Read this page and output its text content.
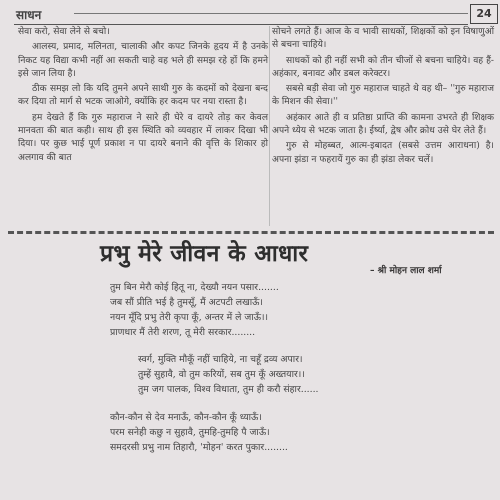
साधन	24

सेवा करो, सेवा लेने से बचो।

आलस्य, प्रमाद, मलिनता, चालाकी और कपट जिनके हृदय में है उनके निकट यह विद्या कभी नहीं आ सकती चाहे वह भले ही समझ रहे हों कि हमने इसे जान लिया है।

ठीक समझ लो कि यदि तुमने अपने साथी गुरु के कदमों को देखना बन्द कर दिया तो मार्ग से भटक जाओगे, क्योंकि हर कदम पर नया रास्ता है।

हम देखते हैं कि गुरु महाराज ने सारे ही घेरे व दायरे तोड़ कर केवल मानवता की बात कही। साथ ही इस स्थिति को व्यवहार में लाकर दिखा भी दिया। पर कुछ भाई पूर्ण प्रकाश न पा दायरे बनाने की वृत्ति के शिकार हो अलगाव की बात

सोचने लगते हैं। आज के व भावी साधकों, शिक्षकों को इन विषाणुओं से बचना चाहिये।

साधकों को ही नहीं सभी को तीन चीजों से बचना चाहिये। वह हैं- अहंकार, बनावट और डबल करेक्टर।

सबसे बड़ी सेवा जो गुरु महाराज चाहते थे वह थी– ''गुरु महाराज के मिशन की सेवा।''

अहंकार आते ही व प्रतिष्ठा प्राप्ति की कामना उभरते ही शिक्षक अपने ध्येय से भटक जाता है। ईर्ष्या, द्वेष और क्रोध उसे घेर लेते हैं।

गुरु से मोहब्बत, आत्म-इबादत (सबसे उत्तम आराधना) है। अपना झंडा न फहरायें गुरु का ही झंडा लेकर चलें।

प्रभु मेरे जीवन के आधार
– श्री मोहन लाल शर्मा
तुम बिन मेरौ कोई हितू ना, देख्यौ नयन पसार.......
जब सौं प्रीति भई है तुमसूँ, मैं अटपटी लखाऊँ।
नयन मूँदि प्रभु तेरी कृपा कूँ, अन्तर में ले जाऊँ।।
प्राणधार मैं तेरी शरण, तू मेरी सरकार........
स्वर्ग, मुक्ति मौकूँ नहीं चाहिये, ना चहूँ द्रव्य अपार।
तुम्हें सुहावै, वो तुम करियों, सब तुम कूँ अख्तयार।।
तुम जग पालक, विश्व विधाता, तुम ही करौ संहार......
कौन-कौन से देव मनाऊँ, कौन-कौन कूँ ध्याऊँ।
परम सनेही कछु न सुहावै, तुमहि-तुमहि पै जाऊँ।
समदरसी प्रभु नाम तिहारौ, 'मोहन' करत पुकार........
